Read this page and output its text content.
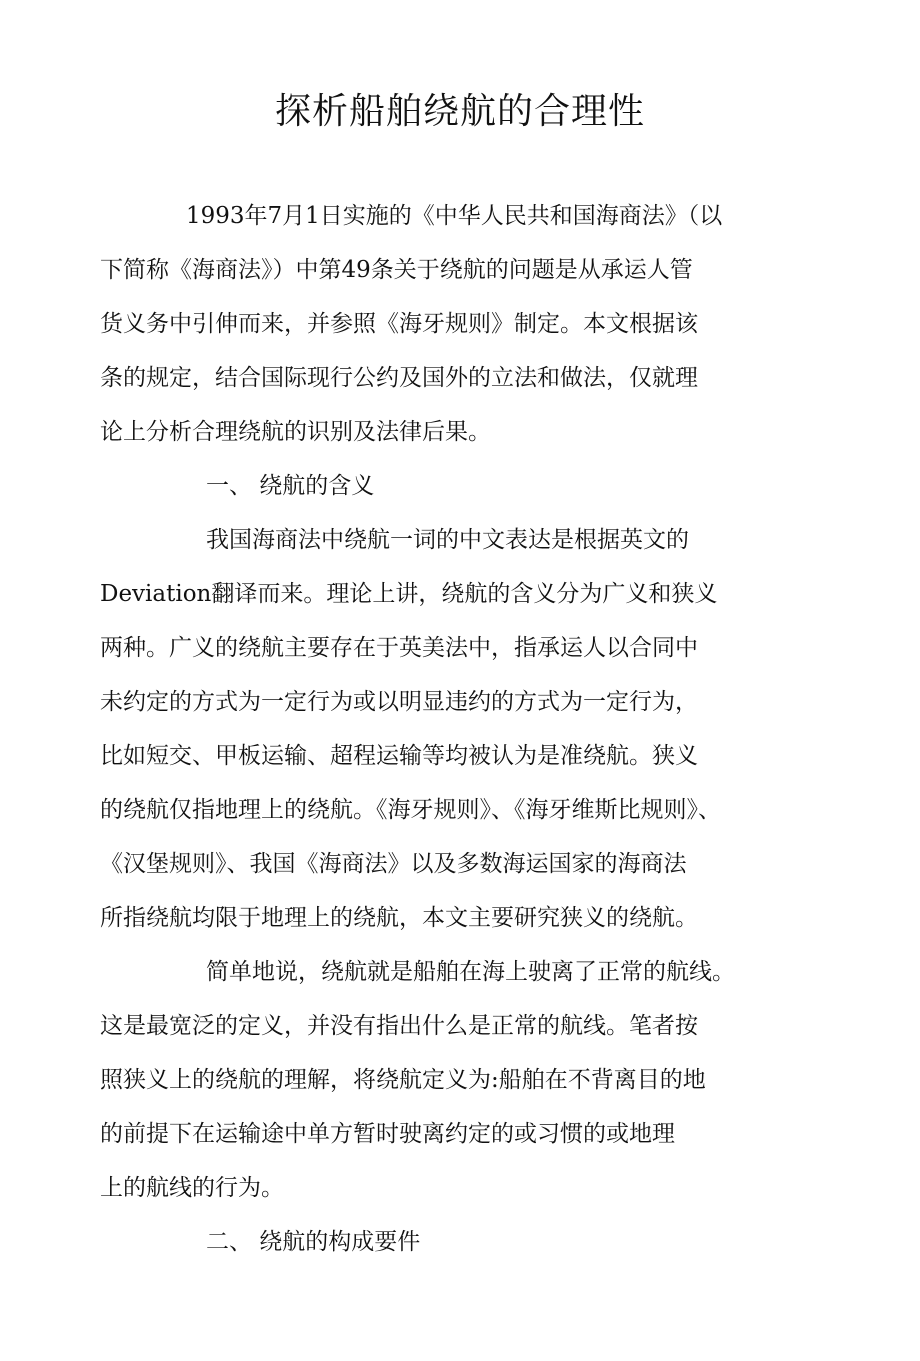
探析船舶绕航的合理性

1993年7月1日实施的《中华人民共和国海商法》（以

下简称《海商法》）中第49条关于绕航的问题是从承运人管

货义务中引伸而来，并参照《海牙规则》制定。本文根据该

条的规定，结合国际现行公约及国外的立法和做法，仅就理

论上分析合理绕航的识别及法律后果。

一、 绕航的含义

我国海商法中绕航一词的中文表达是根据英文的

Deviation翻译而来。理论上讲，绕航的含义分为广义和狭义

两种。广义的绕航主要存在于英美法中，指承运人以合同中

未约定的方式为一定行为或以明显违约的方式为一定行为，

比如短交、甲板运输、超程运输等均被认为是准绕航。狭义

的绕航仅指地理上的绕航。《海牙规则》、《海牙维斯比规则》、

《汉堡规则》、我国《海商法》以及多数海运国家的海商法

所指绕航均限于地理上的绕航，本文主要研究狭义的绕航。

简单地说，绕航就是船舶在海上驶离了正常的航线。

这是最宽泛的定义，并没有指出什么是正常的航线。笔者按

照狭义上的绕航的理解，将绕航定义为:船舶在不背离目的地

的前提下在运输途中单方暂时驶离约定的或习惯的或地理

上的航线的行为。

二、 绕航的构成要件
